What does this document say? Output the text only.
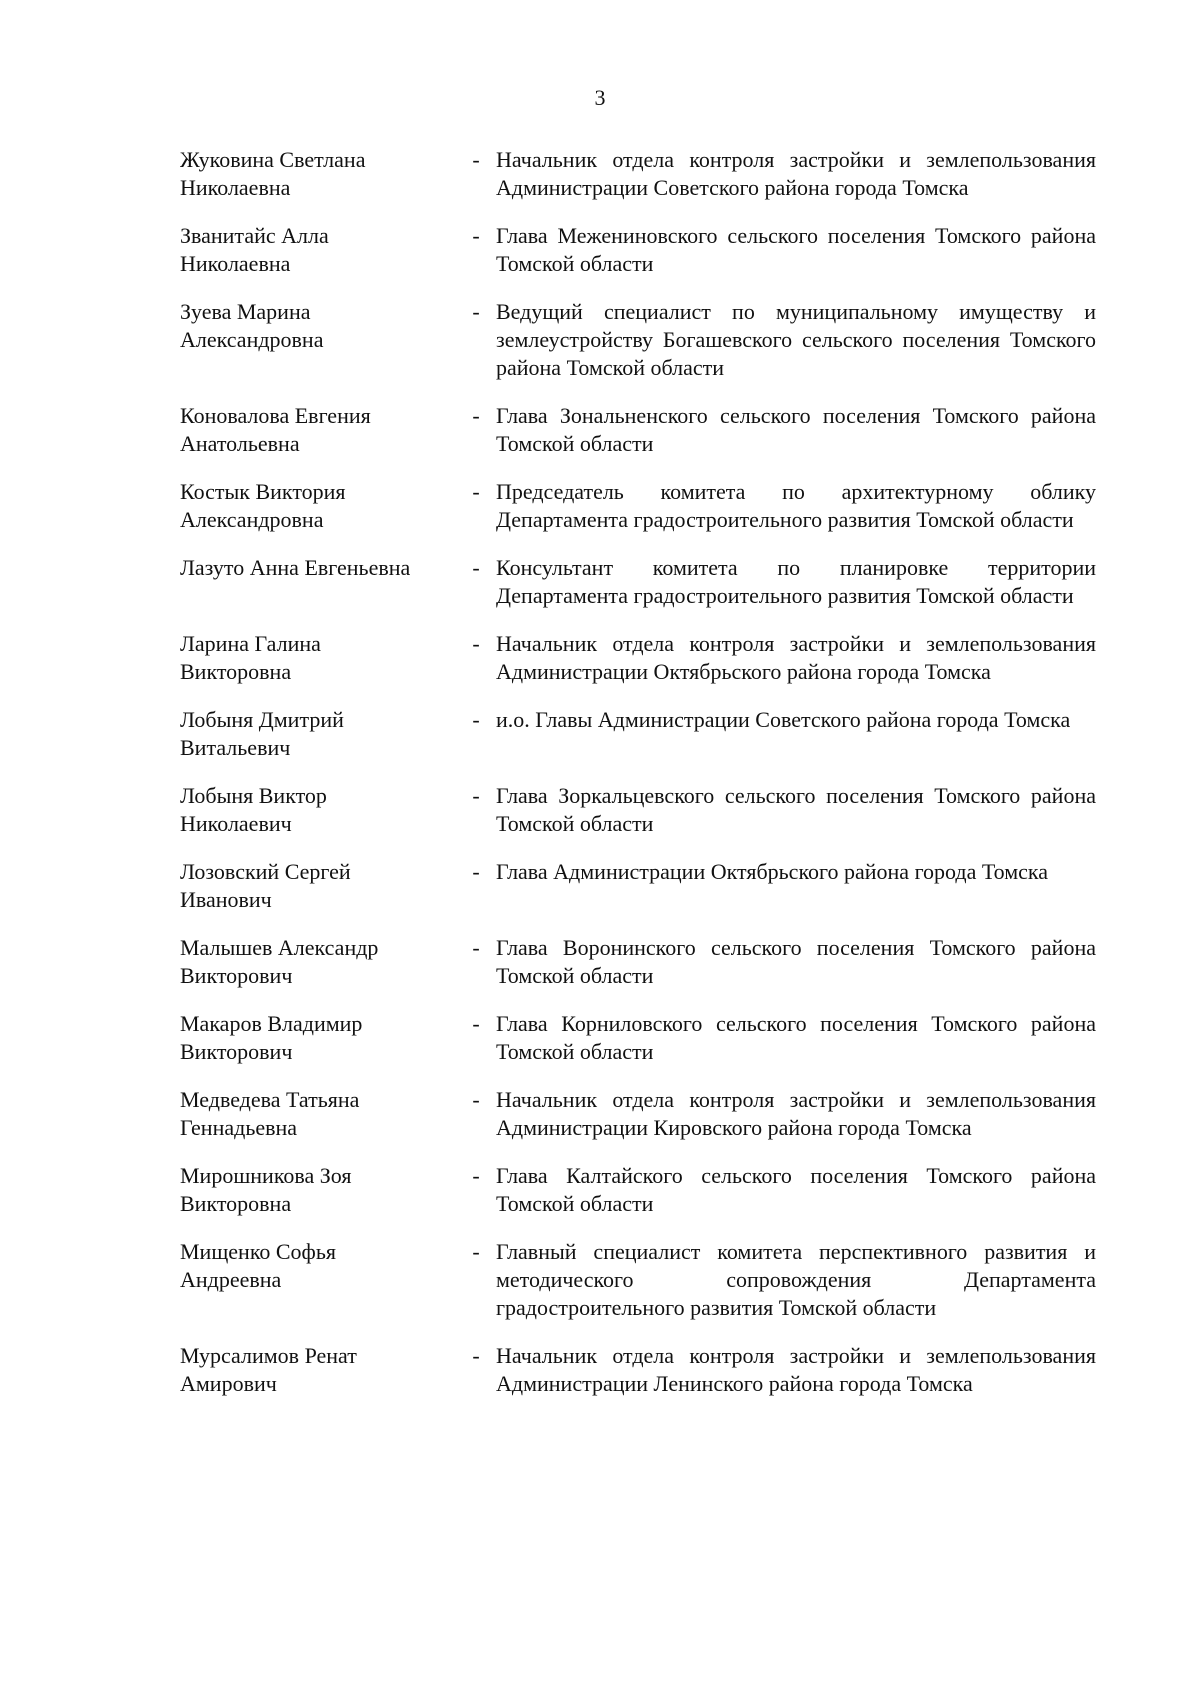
3
Жуковина Светлана
Николаевна
- Начальник отдела контроля застройки и землепользования Администрации Советского района города Томска
Званитайс Алла
Николаевна
- Глава Межениновского сельского поселения Томского района Томской области
Зуева Марина
Александровна
- Ведущий специалист по муниципальному имуществу и землеустройству Богашевского сельского поселения Томского района Томской области
Коновалова Евгения
Анатольевна
- Глава Зональненского сельского поселения Томского района Томской области
Костык Виктория
Александровна
- Председатель комитета по архитектурному облику Департамента градостроительного развития Томской области
Лазуто Анна Евгеньевна	- Консультант комитета по планировке территории Департамента градостроительного развития Томской области
Ларина Галина
Викторовна
- Начальник отдела контроля застройки и землепользования Администрации Октябрьского района города Томска
Лобыня Дмитрий
Витальевич
- и.о. Главы Администрации Советского района города Томска
Лобыня Виктор
Николаевич
- Глава Зоркальцевского сельского поселения Томского района Томской области
Лозовский Сергей
Иванович
- Глава Администрации Октябрьского района города Томска
Малышев Александр
Викторович
- Глава Воронинского сельского поселения Томского района Томской области
Макаров Владимир
Викторович
- Глава Корниловского сельского поселения Томского района Томской области
Медведева Татьяна
Геннадьевна
- Начальник отдела контроля застройки и землепользования Администрации Кировского района города Томска
Мирошникова Зоя
Викторовна
- Глава Калтайского сельского поселения Томского района Томской области
Мищенко Софья
Андреевна
- Главный специалист комитета перспективного развития и методического сопровождения Департамента градостроительного развития Томской области
Мурсалимов Ренат
Амирович
- Начальник отдела контроля застройки и землепользования Администрации Ленинского района города Томска
